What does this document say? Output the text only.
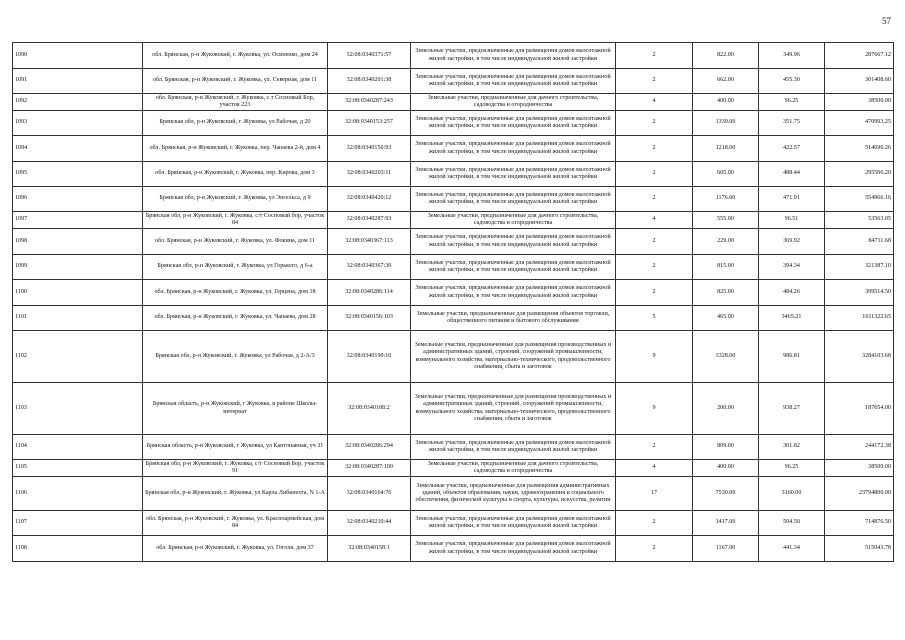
57
1090	обл. Брянская, р-н Жуковский, г. Жуковка, ул. Осипенко, дом 24	32:08:0340371:57	Земельные участки, предназначенные для размещения домов малоэтажной жилой застройки, в том числе индивидуальной жилой застройки	2	822.00	349.96	287667.12
1091	обл. Брянская, р-н Жуковский, г. Жуковка, ул. Северная, дом 11	32:08:0340201:38	Земельные участки, предназначенные для размещения домов малоэтажной жилой застройки, в том числе индивидуальной жилой застройки	2	662.00	455.30	301408.60
1092	обл. Брянская, р-н Жуковский, г. Жуковка, с.т Сосновый Бор, участок 223	32:08:0340287:243	Земельные участки, предназначенные для дачного строительства, садоводства и огородничества	4	400.00	96.25	38500.00
1093	Брянская обл, р-н Жуковский, г. Жуковка, ул Рабочая, д 20	32:08:0340153:257	Земельные участки, предназначенные для размещения домов малоэтажной жилой застройки, в том числе индивидуальной жилой застройки	2	1339.00	351.75	470993.25
1094	обл. Брянская, р-н Жуковский, г. Жуковка, пер. Чапаева 2-й, дом 4	32:08:0340156:93	Земельные участки, предназначенные для размещения домов малоэтажной жилой застройки, в том числе индивидуальной жилой застройки	2	1218.00	422.57	514690.26
1095	обл. Брянская, р-н Жуковский, г. Жуковка, пер. Кирова, дом 3	32:08:0340203:11	Земельные участки, предназначенные для размещения домов малоэтажной жилой застройки, в том числе индивидуальной жилой застройки	2	605.00	488.44	295506.20
1096	Брянская обл, р-н Жуковский, г. Жуковка, ул Энгельса, д 9	32:08:0340420:12	Земельные участки, предназначенные для размещения домов малоэтажной жилой застройки, в том числе индивидуальной жилой застройки	2	1176.00	471.91	554966.16
1097	Брянская обл, р-н Жуковский, г. Жуковка, с/т Сосновый бор, участок 84	32:08:0340287:93	Земельные участки, предназначенные для дачного строительства, садоводства и огородничества	4	555.00	96.51	53563.05
1098	обл. Брянская, р-н Жуковский, г. Жуковка, ул. Фокина, дом 11	32:08:0340367:113	Земельные участки, предназначенные для размещения домов малоэтажной жилой застройки, в том числе индивидуальной жилой застройки	2	229.00	369.92	84711.68
1099	Брянская обл, р-н Жуковский, г. Жуковка, ул Горького, д 6-а	32:08:0340367:30	Земельные участки, предназначенные для размещения домов малоэтажной жилой застройки, в том числе индивидуальной жилой застройки	2	815.00	394.34	321387.10
1100	обл. Брянская, р-н Жуковский, г. Жуковка, ул. Герцена, дом 18	32:08:0340286:114	Земельные участки, предназначенные для размещения домов малоэтажной жилой застройки, в том числе индивидуальной жилой застройки	2	825.00	484.26	399514.50
1101	обл. Брянская, р-н Жуковский, г. Жуковка, ул. Чапаева, дом 28	32:08:0340156:103	Земельные участки, предназначенные для размещения объектов торговли, общественного питания и бытового обслуживания	5	465.00	3465.21	1611322.65
1102	Брянская обл, р-н Жуковский, г. Жуковка, ул Рабочая, д 2-А/3	32:08:0340190:10	Земельные участки, предназначенные для размещения производственных и административных зданий, строений, сооружений промышленности, коммунального хозяйства, материально-технического, продовольственного снабжения, сбыта и заготовок	9	3328.00	986.81	3284103.68
1103	Брянская область, р-н Жуковский, г Жуковка, в районе Школы-интернат	32:08:0340188:2	Земельные участки, предназначенные для размещения производственных и административных зданий, строений, сооружений промышленности, коммунального хозяйства, материально-технического, продовольственного снабжения, сбыта и заготовок	9	200.00	938.27	187654.00
1104	Брянская область, р-н Жуковский, г Жуковка, ул Кантонавная, уч 31	32:08:0340286:294	Земельные участки, предназначенные для размещения домов малоэтажной жилой застройки, в том числе индивидуальной жилой застройки	2	809.00	301.82	244172.38
1105	Брянская обл, р-н Жуковский, г. Жуковка, с/т Сосновый Бор, участок 91	32:08:0340287:100	Земельные участки, предназначенные для дачного строительства, садоводства и огородничества	4	400.00	96.25	38500.00
1106	Брянская обл, р-н Жуковский, г. Жуковка, ул Карла Либкнехта, N 1-А	32:08:0340164:76	Земельные участки, предназначенные для размещения административных зданий, объектов образования, науки, здравоохранения и социального обеспечения, физической культуры и спорта, культуры, искусства, религии	17	7530.00	3160.00	23794800.00
1107	обл. Брянская, р-н Жуковский, г. Жуковка, ул. Красноармейская, дом 84	32:08:0340210:44	Земельные участки, предназначенные для размещения домов малоэтажной жилой застройки, в том числе индивидуальной жилой застройки	2	1417.00	504.50	714876.50
1108	обл. Брянская, р-н Жуковский, г. Жуковка, ул. Гоголя, дом 37	32:08:0340158:1	Земельные участки, предназначенные для размещения домов малоэтажной жилой застройки, в том числе индивидуальной жилой застройки	2	1167.00	441.34	515043.78
